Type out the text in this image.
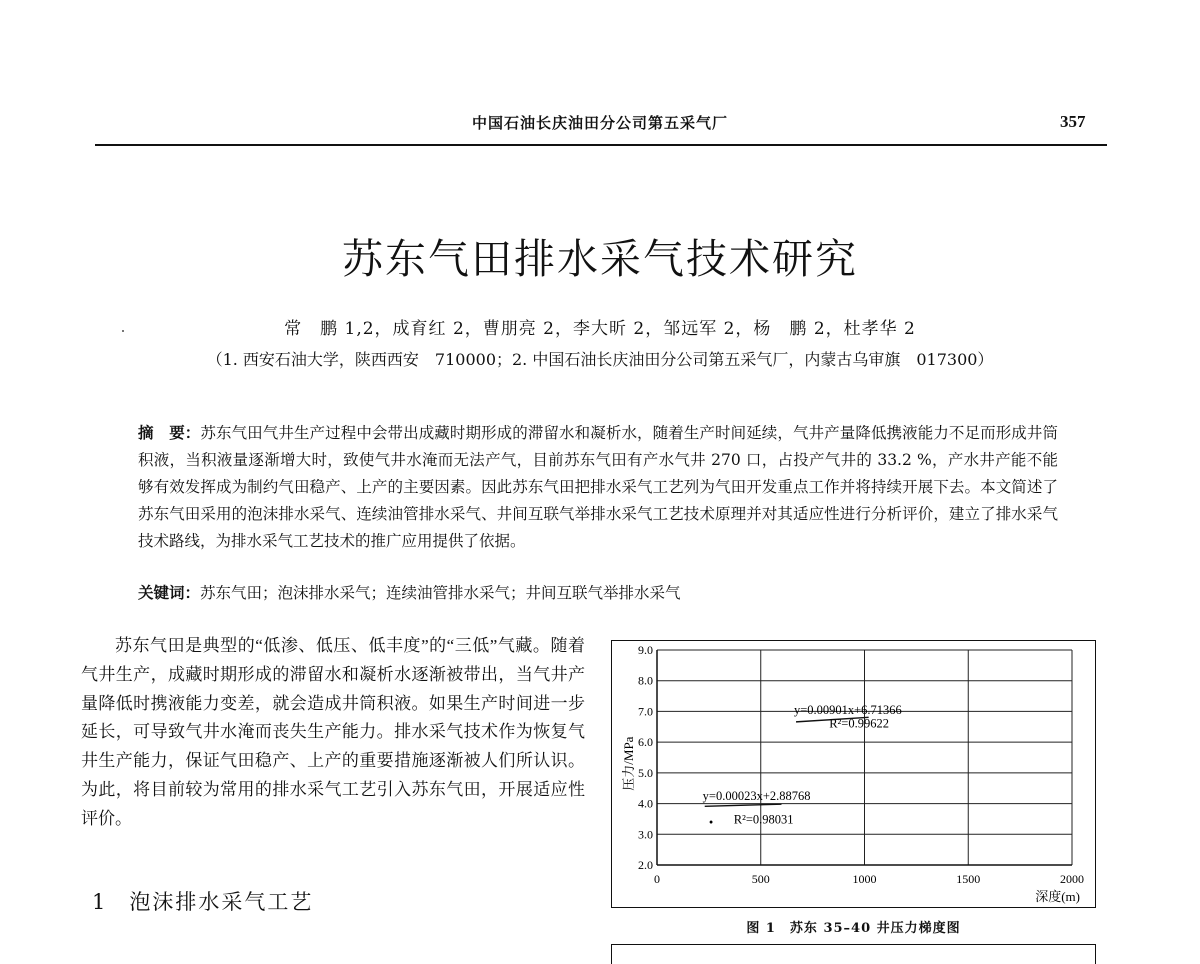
中国石油长庆油田分公司第五采气厂	357
苏东气田排水采气技术研究
常　鹏 1,2，成育红 2，曹朋亮 2，李大昕 2，邹远军 2，杨　鹏 2，杜孝华 2
（1. 西安石油大学，陕西西安　710000；2. 中国石油长庆油田分公司第五采气厂，内蒙古乌审旗　017300）
摘　要：苏东气田气井生产过程中会带出成藏时期形成的滞留水和凝析水，随着生产时间延续，气井产量降低携液能力不足而形成井筒积液，当积液量逐渐增大时，致使气井水淹而无法产气，目前苏东气田有产水气井 270 口，占投产气井的 33.2 %，产水井产能不能够有效发挥成为制约气田稳产、上产的主要因素。因此苏东气田把排水采气工艺列为气田开发重点工作并将持续开展下去。本文简述了苏东气田采用的泡沫排水采气、连续油管排水采气、井间互联气举排水采气工艺技术原理并对其适应性进行分析评价，建立了排水采气技术路线，为排水采气工艺技术的推广应用提供了依据。
关键词：苏东气田；泡沫排水采气；连续油管排水采气；井间互联气举排水采气
苏东气田是典型的“低渗、低压、低丰度”的“三低”气藏。随着气井生产，成藏时期形成的滞留水和凝析水逐渐被带出，当气井产量降低时携液能力变差，就会造成井筒积液。如果生产时间进一步延长，可导致气井水淹而丧失生产能力。排水采气技术作为恢复气井生产能力，保证气田稳产、上产的重要措施逐渐被人们所认识。为此，将目前较为常用的排水采气工艺引入苏东气田，开展适应性评价。
1 泡沫排水采气工艺
2.0
3.0
4.0
5.0
6.0
7.0
8.0
9.0
0	500	1000	1500	2000
深度(m)
压力/MPa
y=0.00901x+6.71366
R²=0.99622
y=0.00023x+2.88768
R²=0.98031
•
图 1　苏东 35–40 井压力梯度图
